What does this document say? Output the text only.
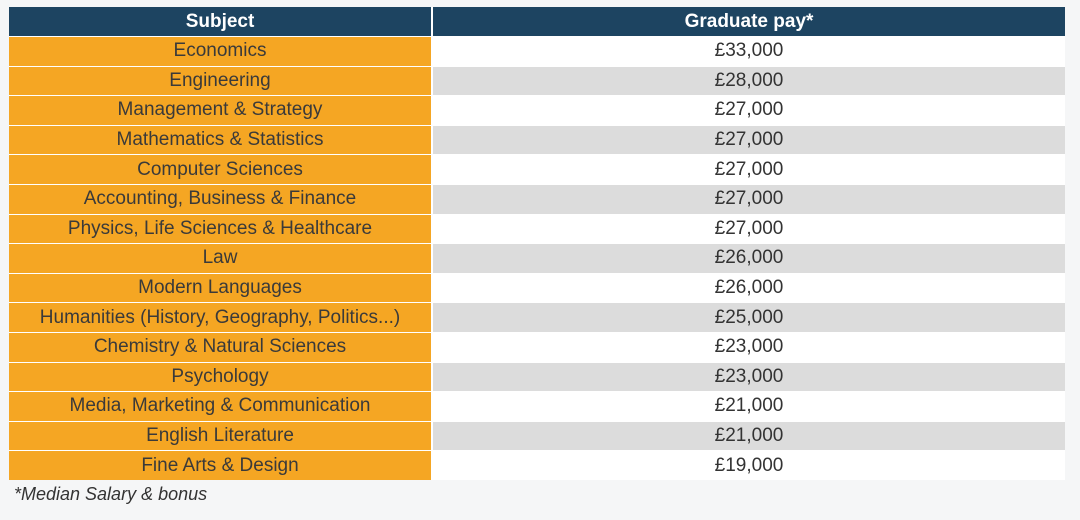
Subject	Graduate pay*
Economics	£33,000
Engineering	£28,000
Management & Strategy	£27,000
Mathematics & Statistics	£27,000
Computer Sciences	£27,000
Accounting, Business & Finance	£27,000
Physics, Life Sciences & Healthcare	£27,000
Law	£26,000
Modern Languages	£26,000
Humanities (History, Geography, Politics...)	£25,000
Chemistry & Natural Sciences	£23,000
Psychology	£23,000
Media, Marketing & Communication	£21,000
English Literature	£21,000
Fine Arts & Design	£19,000
*Median Salary & bonus
